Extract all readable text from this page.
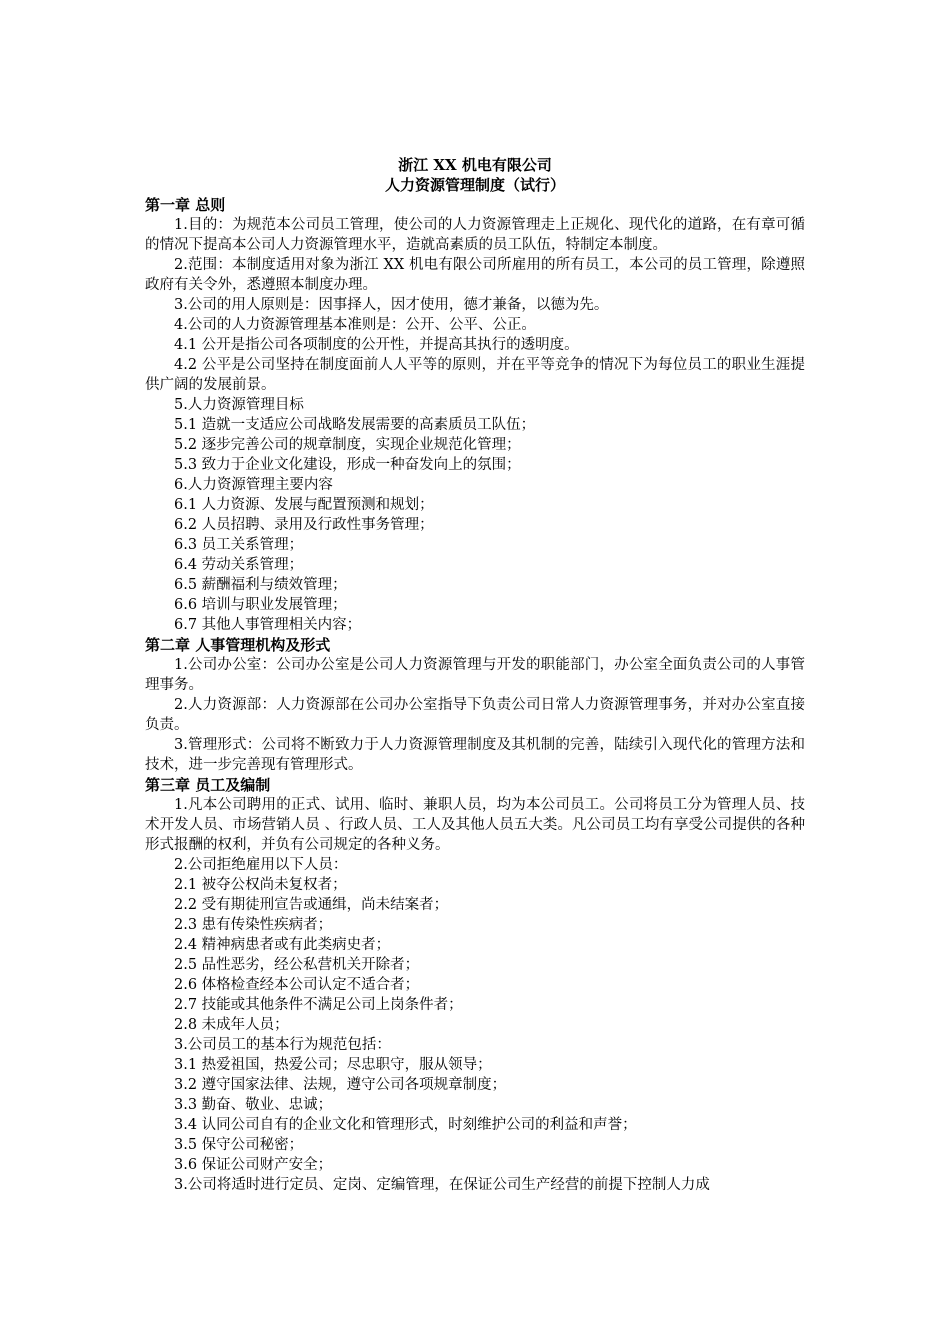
浙江 XX 机电有限公司

人力资源管理制度（试行）

第一章 总则

1.目的：为规范本公司员工管理，使公司的人力资源管理走上正规化、现代化的道路，在有章可循的情况下提高本公司人力资源管理水平，造就高素质的员工队伍，特制定本制度。

2.范围：本制度适用对象为浙江 XX 机电有限公司所雇用的所有员工，本公司的员工管理，除遵照政府有关令外，悉遵照本制度办理。

3.公司的用人原则是：因事择人，因才使用，德才兼备，以德为先。

4.公司的人力资源管理基本准则是：公开、公平、公正。

4.1 公开是指公司各项制度的公开性，并提高其执行的透明度。

4.2 公平是公司坚持在制度面前人人平等的原则，并在平等竞争的情况下为每位员工的职业生涯提供广阔的发展前景。

5.人力资源管理目标

5.1 造就一支适应公司战略发展需要的高素质员工队伍；

5.2 逐步完善公司的规章制度，实现企业规范化管理；

5.3 致力于企业文化建设，形成一种奋发向上的氛围；

6.人力资源管理主要内容

6.1 人力资源、发展与配置预测和规划；

6.2 人员招聘、录用及行政性事务管理；

6.3 员工关系管理；

6.4 劳动关系管理；

6.5 薪酬福利与绩效管理；

6.6 培训与职业发展管理；

6.7 其他人事管理相关内容；

第二章 人事管理机构及形式

1.公司办公室：公司办公室是公司人力资源管理与开发的职能部门，办公室全面负责公司的人事管理事务。

2.人力资源部：人力资源部在公司办公室指导下负责公司日常人力资源管理事务，并对办公室直接负责。

3.管理形式：公司将不断致力于人力资源管理制度及其机制的完善，陆续引入现代化的管理方法和技术，进一步完善现有管理形式。

第三章 员工及编制

1.凡本公司聘用的正式、试用、临时、兼职人员，均为本公司员工。公司将员工分为管理人员、技术开发人员、市场营销人员 、行政人员、工人及其他人员五大类。凡公司员工均有享受公司提供的各种形式报酬的权利，并负有公司规定的各种义务。

2.公司拒绝雇用以下人员：

2.1 被夺公权尚未复权者；

2.2 受有期徒刑宣告或通缉，尚未结案者；

2.3 患有传染性疾病者；

2.4 精神病患者或有此类病史者；

2.5 品性恶劣，经公私营机关开除者；

2.6 体格检查经本公司认定不适合者；

2.7 技能或其他条件不满足公司上岗条件者；

2.8 未成年人员；

3.公司员工的基本行为规范包括：

3.1 热爱祖国，热爱公司；尽忠职守，服从领导；

3.2 遵守国家法律、法规，遵守公司各项规章制度；

3.3 勤奋、敬业、忠诚；

3.4 认同公司自有的企业文化和管理形式，时刻维护公司的利益和声誉；

3.5 保守公司秘密；

3.6 保证公司财产安全；

3.公司将适时进行定员、定岗、定编管理，在保证公司生产经营的前提下控制人力成
